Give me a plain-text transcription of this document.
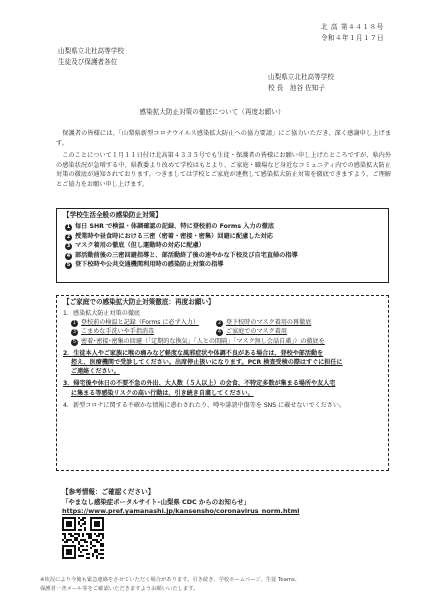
北 高 第４４１８号
令和４年１月１７日
山梨県立北杜高等学校
生徒及び保護者各位
山梨県立北杜高等学校
校 長　池谷 佐知子
感染拡大防止対策の徹底について（再度お願い）
　保護者の皆様には、「山梨県新型コロナウイルス感染拡大防止への協力要請」にご協力いただき、深く感謝申し上げます。
　このことについて１月１１日付け北高第４３３５号でも生徒・保護者の皆様にお願い申し上げたところですが、県内外の感染状況が急増する中、県教委より改めて学校はもとより、ご家庭・職場など身近なコミュニティ内での感染拡大防止対策の徹底が通知されております。つきましては学校とご家庭が連携して感染拡大防止対策を徹底できますよう、ご理解とご協力をお願い申し上げます。
【学校生活全般の感染防止対策】
1 毎日 SHR で検温・体調確認の記録、特に登校前の Forms 入力の徹底
2 授業時や昼食時における三密（密着・密接・密集）回避に配慮した対応
3 マスク着用の徹底（但し運動時の対応に配慮）
4 部活動前後の三密回避指導と、部活動終了後の速やかな下校及び自宅直帰の指導
5 登下校時や公共交通機関利用時の感染防止対策の指導
【ご家庭での感染拡大防止対策徹底：再度お願い】
1．感染拡大防止対策の徹底
1 登校前の検温と記録（Forms に必ず入力）	2 登下校時のマスク着用の再徹底
3 こまめな手洗いや手指消毒	4 ご家庭でのマスク着用
5 密着･密接･密集の回避（「定期的な換気」「人との間隔」「マスク無し会話自粛」）の徹底を
2．生徒本人やご家族に喉の痛みなど軽度な風邪症状や体調不良がある場合は、登校や部活動を
控え、医療機関で受診してください。出席停止扱いになります。PCR 検査受検の際はすぐに担任に
ご連絡ください。
3．帰宅後や休日の不要不急の外出、大人数（５人以上）の会食、不特定多数が集まる場所や友人宅
に集まる等感染リスクの高い行動は、引き続き自粛してください。
4．新型コロナに関する不確かな情報に惑わされたり、噂や誹謗中傷等を SNS に載せないでください。
【参考情報：ご確認ください】
「やまなし感染症ポータルサイト–山梨県 CDC からのお知らせ」
https://www.pref.yamanashi.jp/kansensho/coronavirus_norm.html
※状況により今後も緊急連絡をさせていただく場合があります。引き続き、学校ホームページ、生徒 Teams、
保護者一斉メール等をご確認いただきますようお願いいたします。
